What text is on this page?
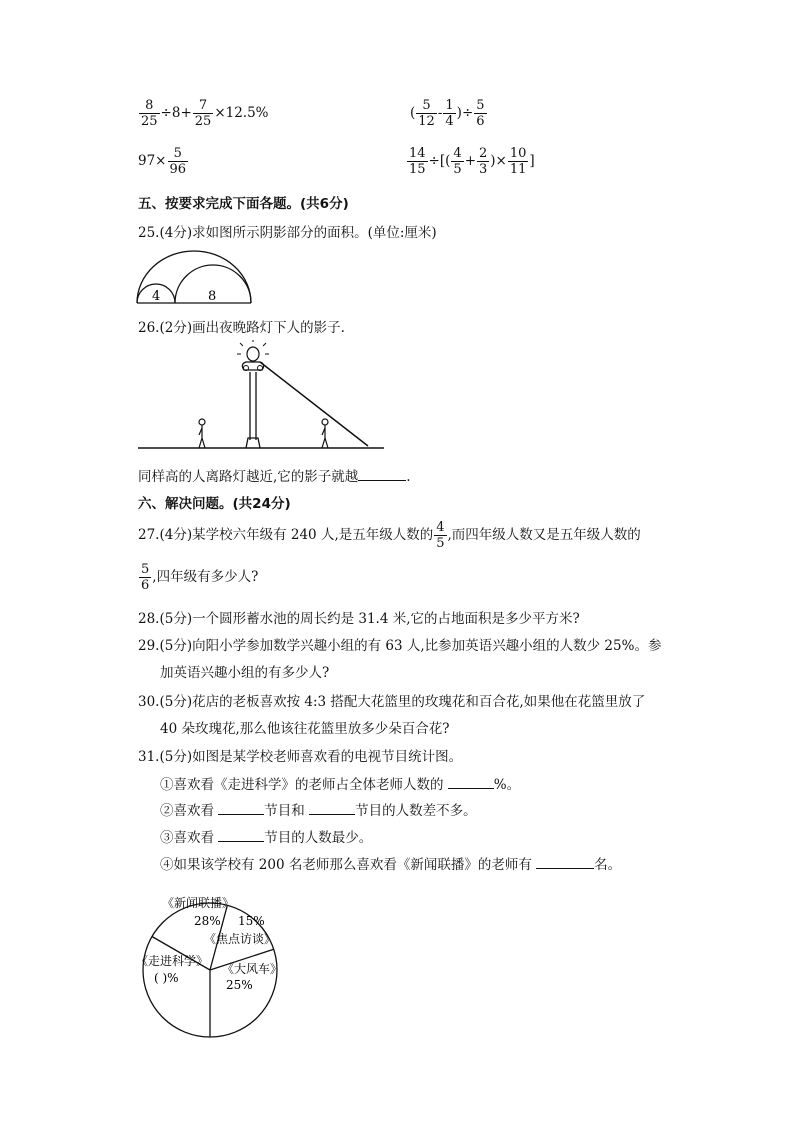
$\frac{8}{25} \div 8+ \frac{7}{25} \times 12.5\%$	( $\frac{5}{12} - \frac{1}{4}$ )÷ $\frac{5}{6}$
$97\times \frac{5}{96}$	$\frac{14}{15}$ ÷[( $\frac{4}{5} + \frac{2}{3}$ )× $\frac{10}{11}$ ]
五、按要求完成下面各题。(共6分)
25.(4分)求如图所示阴影部分的面积。(单位:厘米)
4	8
26.(2分)画出夜晚路灯下人的影子.
同样高的人离路灯越近,它的影子就越	.
六、解决问题。(共24分)
27.(4分)某学校六年级有 240 人,是五年级人数的 $\frac{4}{5}$ ,而四年级人数又是五年级人数的
$\frac{5}{6}$ ,四年级有多少人?
28.(5分)一个圆形蓄水池的周长约是 31.4 米,它的占地面积是多少平方米?
29.(5分)向阳小学参加数学兴趣小组的有 63 人,比参加英语兴趣小组的人数少 25%。参
加英语兴趣小组的有多少人?
30.(5分)花店的老板喜欢按 4:3 搭配大花篮里的玫瑰花和百合花,如果他在花篮里放了
40 朵玫瑰花,那么他该往花篮里放多少朵百合花?
31.(5分)如图是某学校老师喜欢看的电视节目统计图。
①喜欢看《走进科学》的老师占全体老师人数的	%。
②喜欢看	节目和	节目的人数差不多。
③喜欢看	节目的人数最少。
④如果该学校有 200 名老师那么喜欢看《新闻联播》的老师有	名。
《新闻联播》
28%
《焦点访谈》
15%
《大风车》
25%
《走进科学》
( )%
